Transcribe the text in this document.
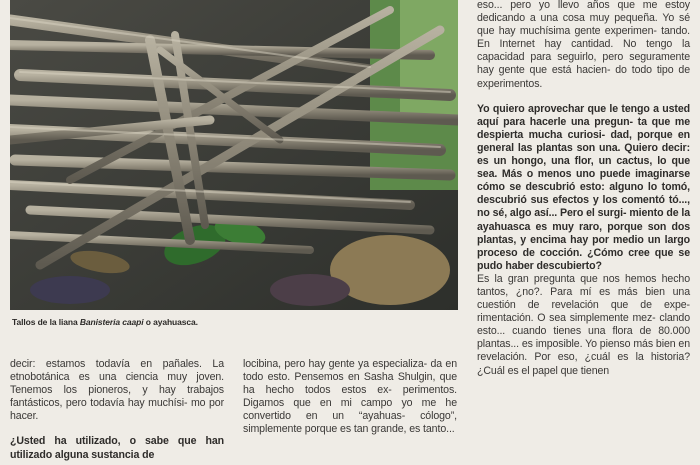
Tallos de la liana Banisteria caapi o ayahuasca.

decir: estamos todavía en pañales. La etnobotánica es una ciencia muy joven. Tenemos los pioneros, y hay trabajos fantásticos, pero todavía hay muchísi- mo por hacer.

¿Usted ha utilizado, o sabe que han utilizado alguna sustancia de

locibina, pero hay gente ya especializa- da en todo esto. Pensemos en Sasha Shulgin, que ha hecho todos estos ex- perimentos. Digamos que en mi campo yo me he convertido en un “ayahuas- cólogo”, simplemente porque es tan grande, es tanto...

eso... pero yo llevo años que me estoy dedicando a una cosa muy pequeña. Yo sé que hay muchísima gente experimen- tando. En Internet hay cantidad. No tengo la capacidad para seguirlo, pero seguramente hay gente que está hacien- do todo tipo de experimentos.

Yo quiero aprovechar que le tengo a usted aquí para hacerle una pregun- ta que me despierta mucha curiosi- dad, porque en general las plantas son una. Quiero decir: es un hongo, una flor, un cactus, lo que sea. Más o menos uno puede imaginarse cómo se descubrió esto: alguno lo tomó, descubrió sus efectos y los comentó tó..., no sé, algo así... Pero el surgi- miento de la ayahuasca es muy raro, porque son dos plantas, y encima hay por medio un largo proceso de cocción. ¿Cómo cree que se pudo haber descubierto?

Es la gran pregunta que nos hemos hecho tantos, ¿no?. Para mí es más bien una cuestión de revelación que de expe- rimentación. O sea simplemente mez- clando esto... cuando tienes una flora de 80.000 plantas... es imposible. Yo pienso más bien en revelación. Por eso, ¿cuál es la historia? ¿Cuál es el papel que tienen
